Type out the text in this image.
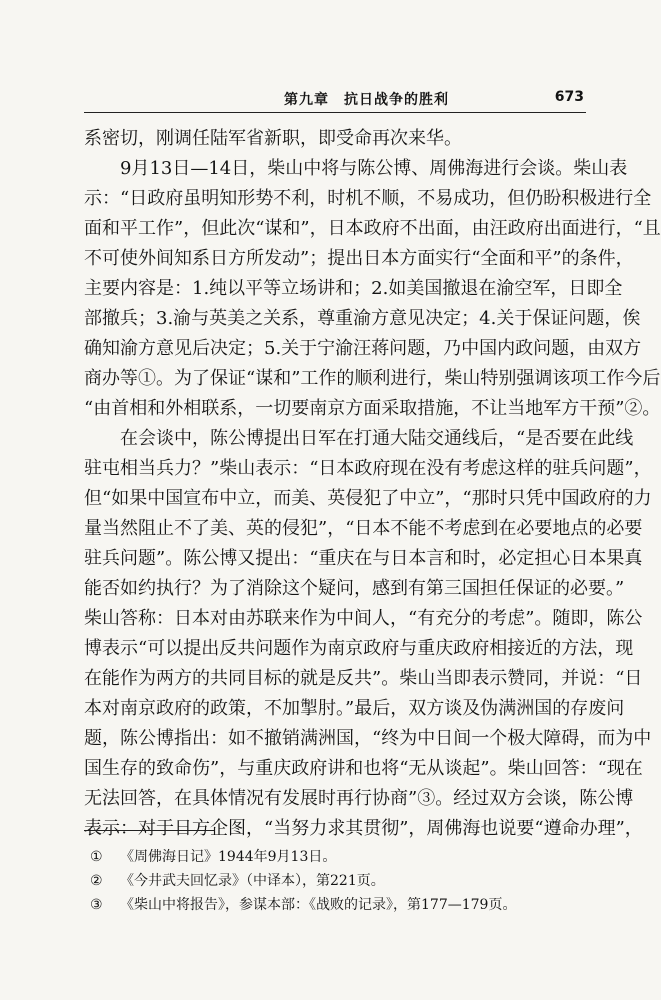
第九章　抗日战争的胜利	673
系密切，刚调任陆军省新职，即受命再次来华。
9月13日—14日，柴山中将与陈公博、周佛海进行会谈。柴山表
示：“日政府虽明知形势不利，时机不顺，不易成功，但仍盼积极进行全
面和平工作”，但此次“谋和”，日本政府不出面，由汪政府出面进行，“且
不可使外间知系日方所发动”；提出日本方面实行“全面和平”的条件，
主要内容是：1.纯以平等立场讲和；2.如美国撤退在渝空军，日即全
部撤兵；3.渝与英美之关系，尊重渝方意见决定；4.关于保证问题，俟
确知渝方意见后决定；5.关于宁渝汪蒋问题，乃中国内政问题，由双方
商办等①。为了保证“谋和”工作的顺利进行，柴山特别强调该项工作今后
“由首相和外相联系，一切要南京方面采取措施，不让当地军方干预”②。
在会谈中，陈公博提出日军在打通大陆交通线后，“是否要在此线
驻屯相当兵力？”柴山表示：“日本政府现在没有考虑这样的驻兵问题”，
但“如果中国宣布中立，而美、英侵犯了中立”，“那时只凭中国政府的力
量当然阻止不了美、英的侵犯”，“日本不能不考虑到在必要地点的必要
驻兵问题”。陈公博又提出：“重庆在与日本言和时，必定担心日本果真
能否如约执行？为了消除这个疑问，感到有第三国担任保证的必要。”
柴山答称：日本对由苏联来作为中间人，“有充分的考虑”。随即，陈公
博表示“可以提出反共问题作为南京政府与重庆政府相接近的方法，现
在能作为两方的共同目标的就是反共”。柴山当即表示赞同，并说：“日
本对南京政府的政策，不加掣肘。”最后，双方谈及伪满洲国的存废问
题，陈公博指出：如不撤销满洲国，“终为中日间一个极大障碍，而为中
国生存的致命伤”，与重庆政府讲和也将“无从谈起”。柴山回答：“现在
无法回答，在具体情况有发展时再行协商”③。经过双方会谈，陈公博
表示：对于日方企图，“当努力求其贯彻”，周佛海也说要“遵命办理”，
① 《周佛海日记》1944年9月13日。
② 《今井武夫回忆录》（中译本），第221页。
③ 《柴山中将报告》，参谋本部：《战败的记录》，第177—179页。
